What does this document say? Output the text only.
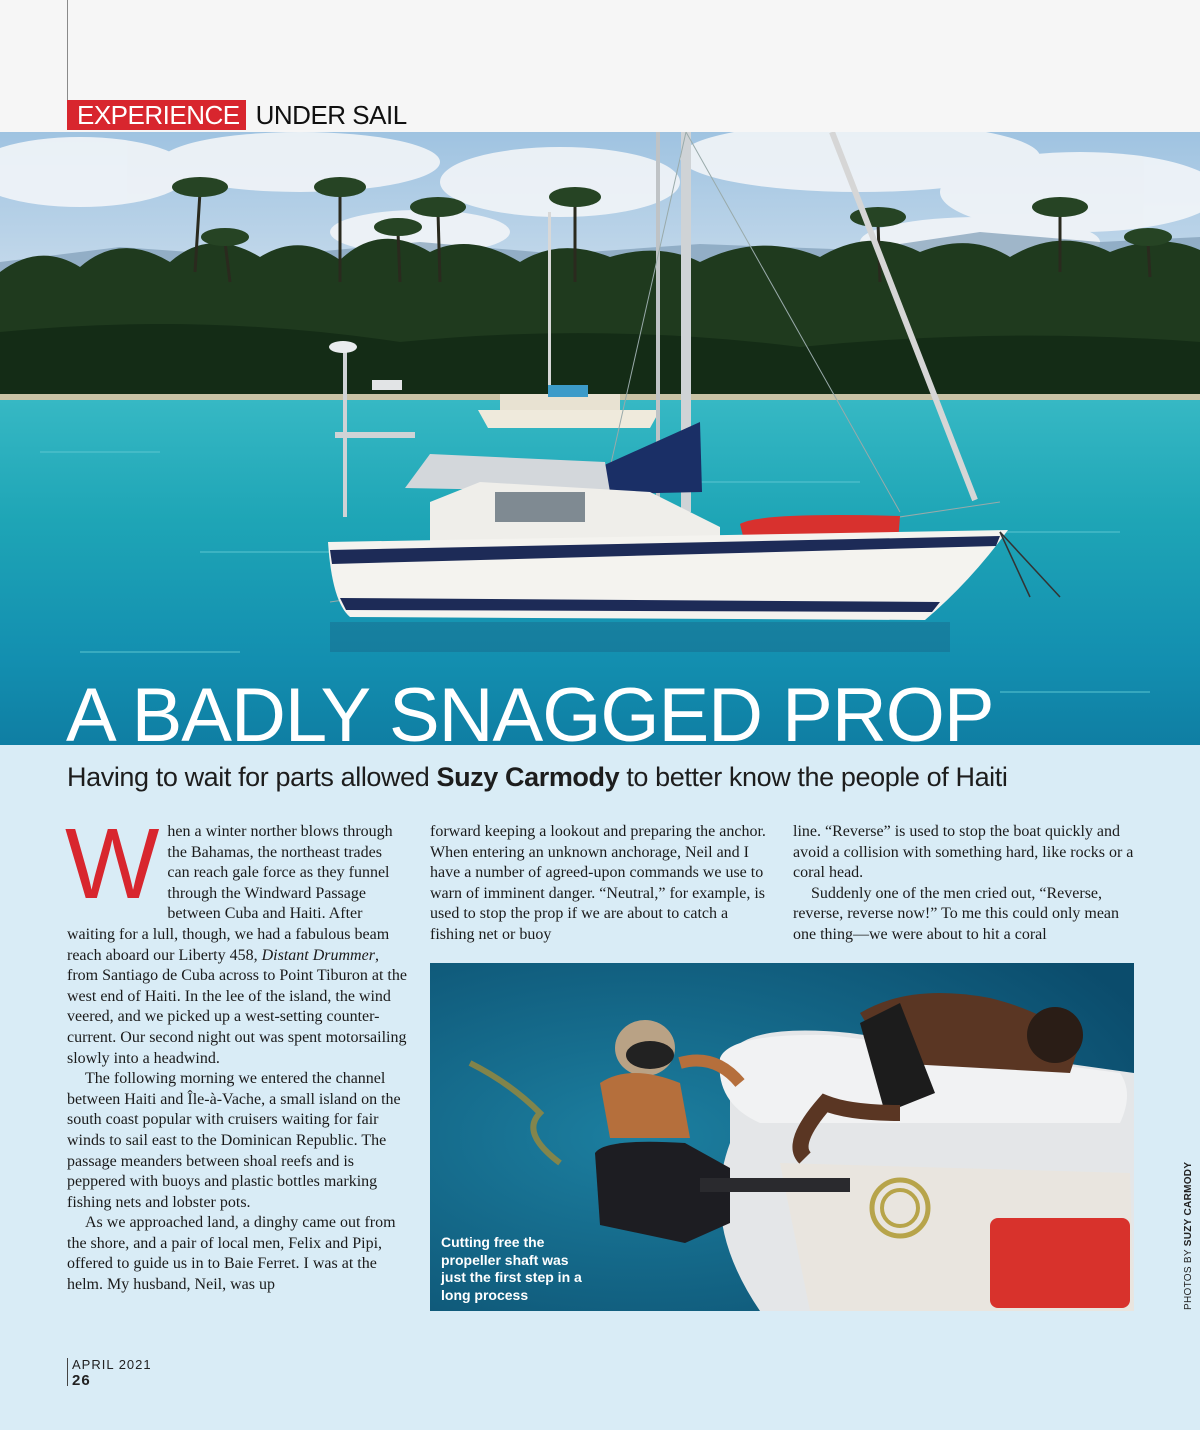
EXPERIENCE UNDER SAIL
A BADLY SNAGGED PROP

Having to wait for parts allowed Suzy Carmody to better know the people of Haiti

When a winter norther blows through the Bahamas, the northeast trades can reach gale force as they funnel through the Windward Passage between Cuba and Haiti. After waiting for a lull, though, we had a fabulous beam reach aboard our Liberty 458, Distant Drummer, from Santiago de Cuba across to Point Tiburon at the west end of Haiti. In the lee of the island, the wind veered, and we picked up a west-setting counter-current. Our second night out was spent motorsailing slowly into a headwind.

The following morning we entered the channel between Haiti and Île-à-Vache, a small island on the south coast popular with cruisers waiting for fair winds to sail east to the Dominican Republic. The passage meanders between shoal reefs and is peppered with buoys and plastic bottles marking fishing nets and lobster pots.

As we approached land, a dinghy came out from the shore, and a pair of local men, Felix and Pipi, offered to guide us in to Baie Ferret. I was at the helm. My husband, Neil, was up

forward keeping a lookout and preparing the anchor. When entering an unknown anchorage, Neil and I have a number of agreed-upon commands we use to warn of imminent danger. “Neutral,” for example, is used to stop the prop if we are about to catch a fishing net or buoy

line. “Reverse” is used to stop the boat quickly and avoid a collision with something hard, like rocks or a coral head.

Suddenly one of the men cried out, “Reverse, reverse, reverse now!” To me this could only mean one thing—we were about to hit a coral

Cutting free the propeller shaft was just the first step in a long process	PHOTOS BY SUZY CARMODY
APRIL 2021
26
